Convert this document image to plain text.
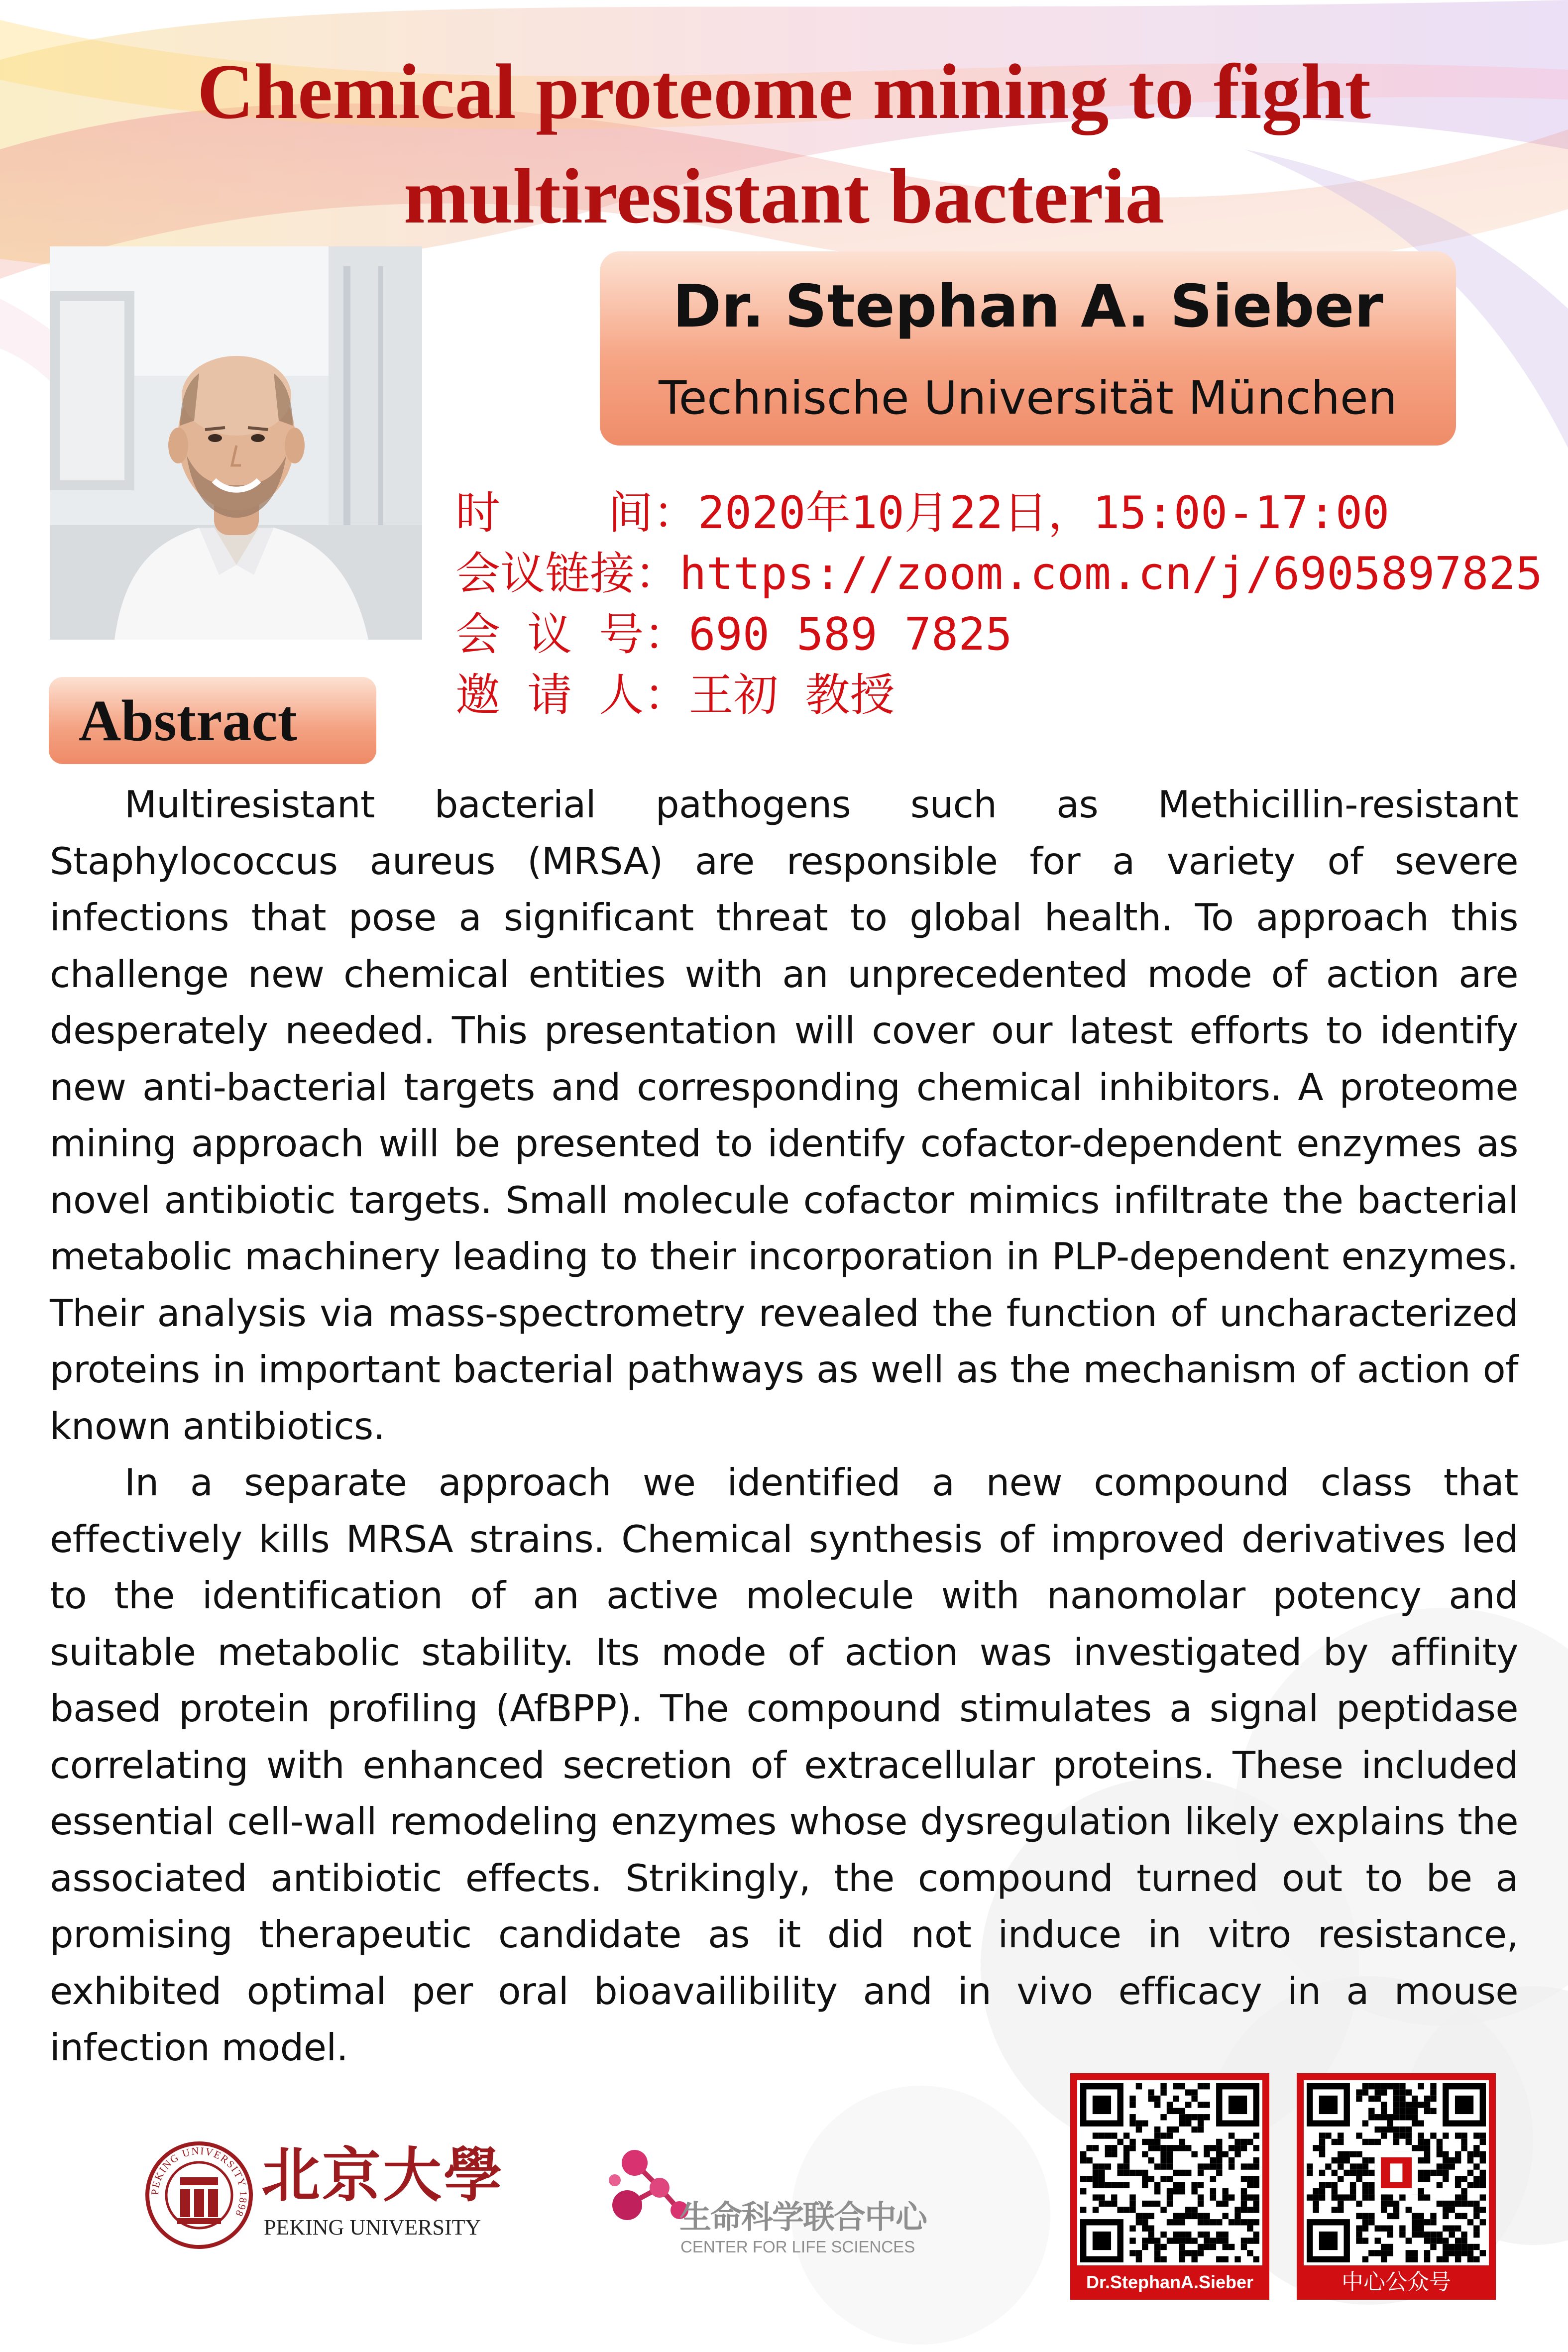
Chemical proteome mining to fight
multiresistant bacteria
Dr. Stephan A. Sieber
Technische Universität München
时    间：2020年10月22日，15:00-17:00
会议链接：https://zoom.com.cn/j/6905897825
会 议 号：690 589 7825
邀 请 人：王初 教授
Abstract

Multiresistant bacterial pathogens such as Methicillin-resistant Staphylococcus aureus (MRSA) are responsible for a variety of severe infections that pose a significant threat to global health. To approach this challenge new chemical entities with an unprecedented mode of action are desperately needed. This presentation will cover our latest efforts to identify new anti-bacterial targets and corresponding chemical inhibitors. A proteome mining approach will be presented to identify cofactor-dependent enzymes as novel antibiotic targets. Small molecule cofactor mimics infiltrate the bacterial metabolic machinery leading to their incorporation in PLP-dependent enzymes. Their analysis via mass-spectrometry revealed the function of uncharacterized proteins in important bacterial pathways as well as the mechanism of action of known antibiotics.

In a separate approach we identified a new compound class that effectively kills MRSA strains. Chemical synthesis of improved derivatives led to the identification of an active molecule with nanomolar potency and suitable metabolic stability. Its mode of action was investigated by affinity based protein profiling (AfBPP). The compound stimulates a signal peptidase correlating with enhanced secretion of extracellular proteins. These included essential cell-wall remodeling enzymes whose dysregulation likely explains the associated antibiotic effects. Strikingly, the compound turned out to be a promising therapeutic candidate as it did not induce in vitro resistance, exhibited optimal per oral bioavailibility and in vivo efficacy in a mouse infection model.

PEKING UNIVERSITY 1898
北京大學
PEKING UNIVERSITY	生命科学联合中心
CENTER FOR LIFE SCIENCES
Dr.StephanA.Sieber	中心公众号
